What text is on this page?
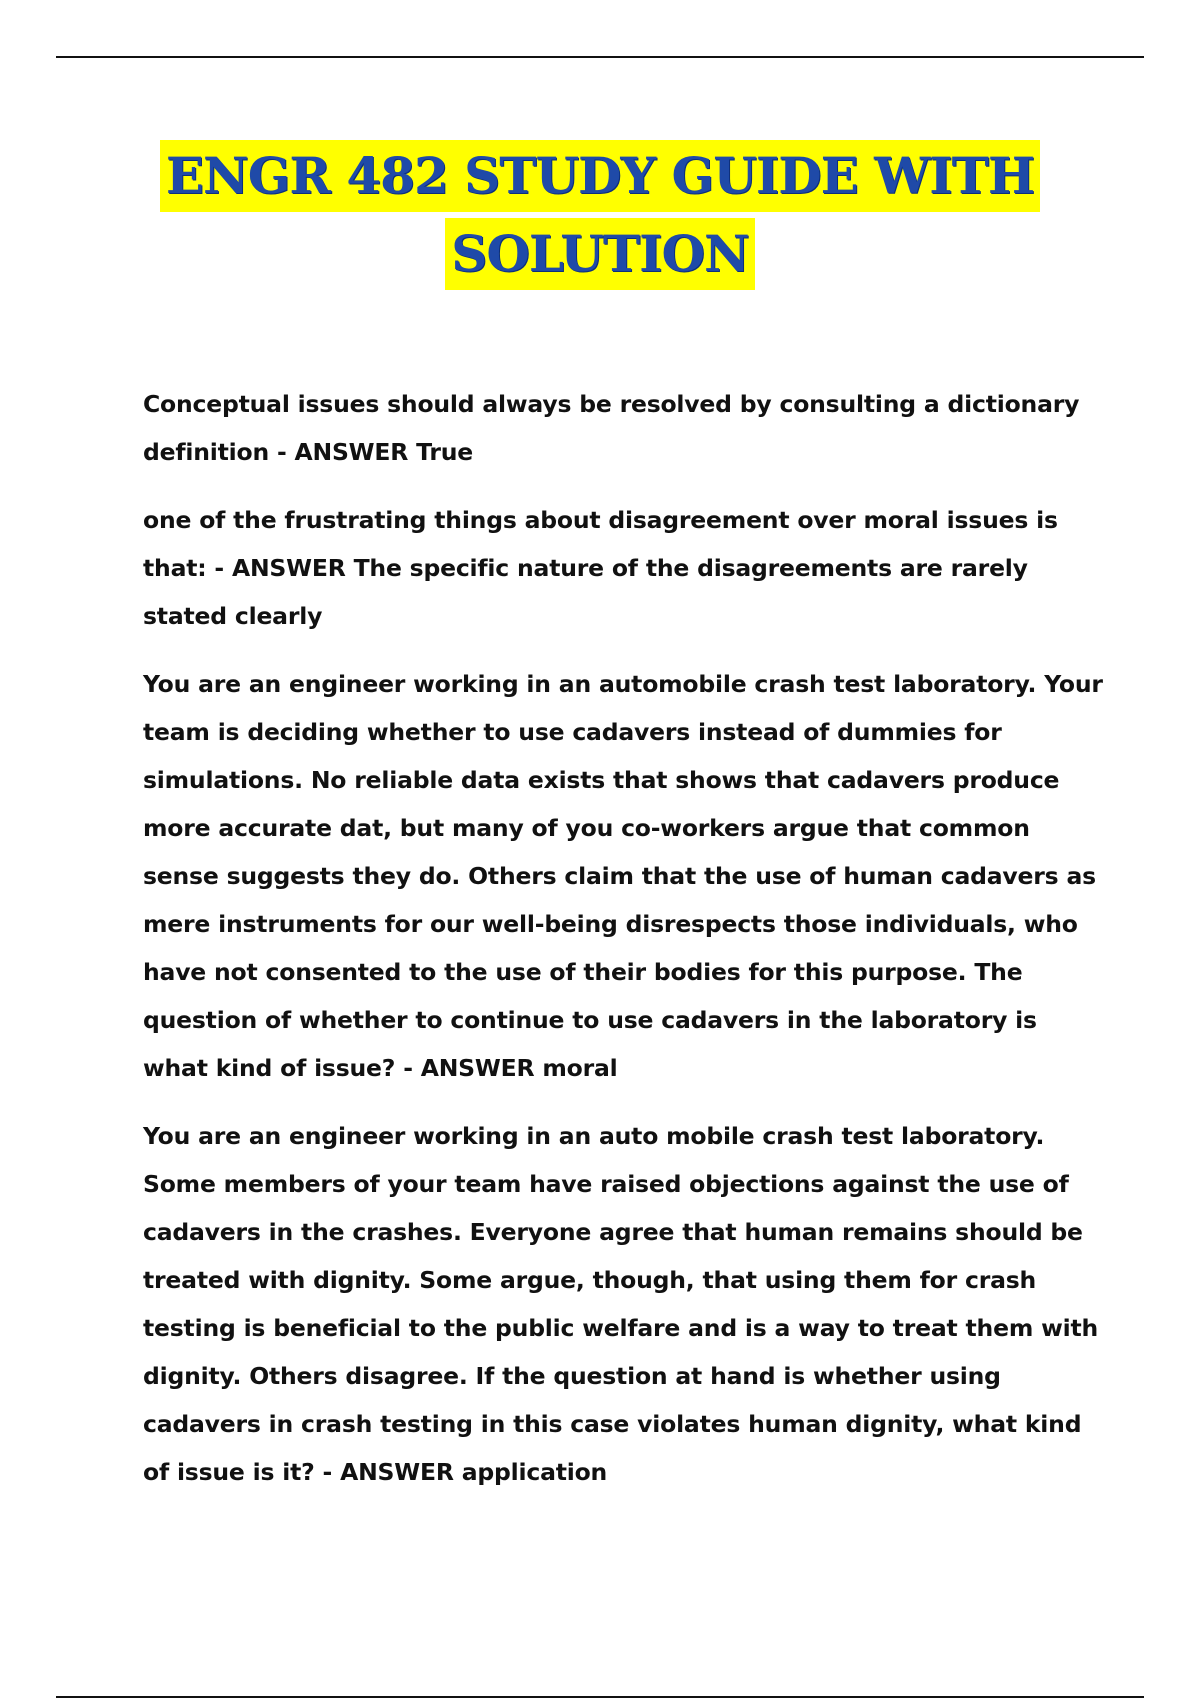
ENGR 482 STUDY GUIDE WITH
SOLUTION

Conceptual issues should always be resolved by consulting a dictionary definition - ANSWER True

one of the frustrating things about disagreement over moral issues is that: - ANSWER The specific nature of the disagreements are rarely stated clearly

You are an engineer working in an automobile crash test laboratory. Your team is deciding whether to use cadavers instead of dummies for simulations. No reliable data exists that shows that cadavers produce more accurate dat, but many of you co-workers argue that common sense suggests they do. Others claim that the use of human cadavers as mere instruments for our well-being disrespects those individuals, who have not consented to the use of their bodies for this purpose. The question of whether to continue to use cadavers in the laboratory is what kind of issue? - ANSWER moral

You are an engineer working in an auto mobile crash test laboratory. Some members of your team have raised objections against the use of cadavers in the crashes. Everyone agree that human remains should be treated with dignity. Some argue, though, that using them for crash testing is beneficial to the public welfare and is a way to treat them with dignity. Others disagree. If the question at hand is whether using cadavers in crash testing in this case violates human dignity, what kind of issue is it? - ANSWER application
